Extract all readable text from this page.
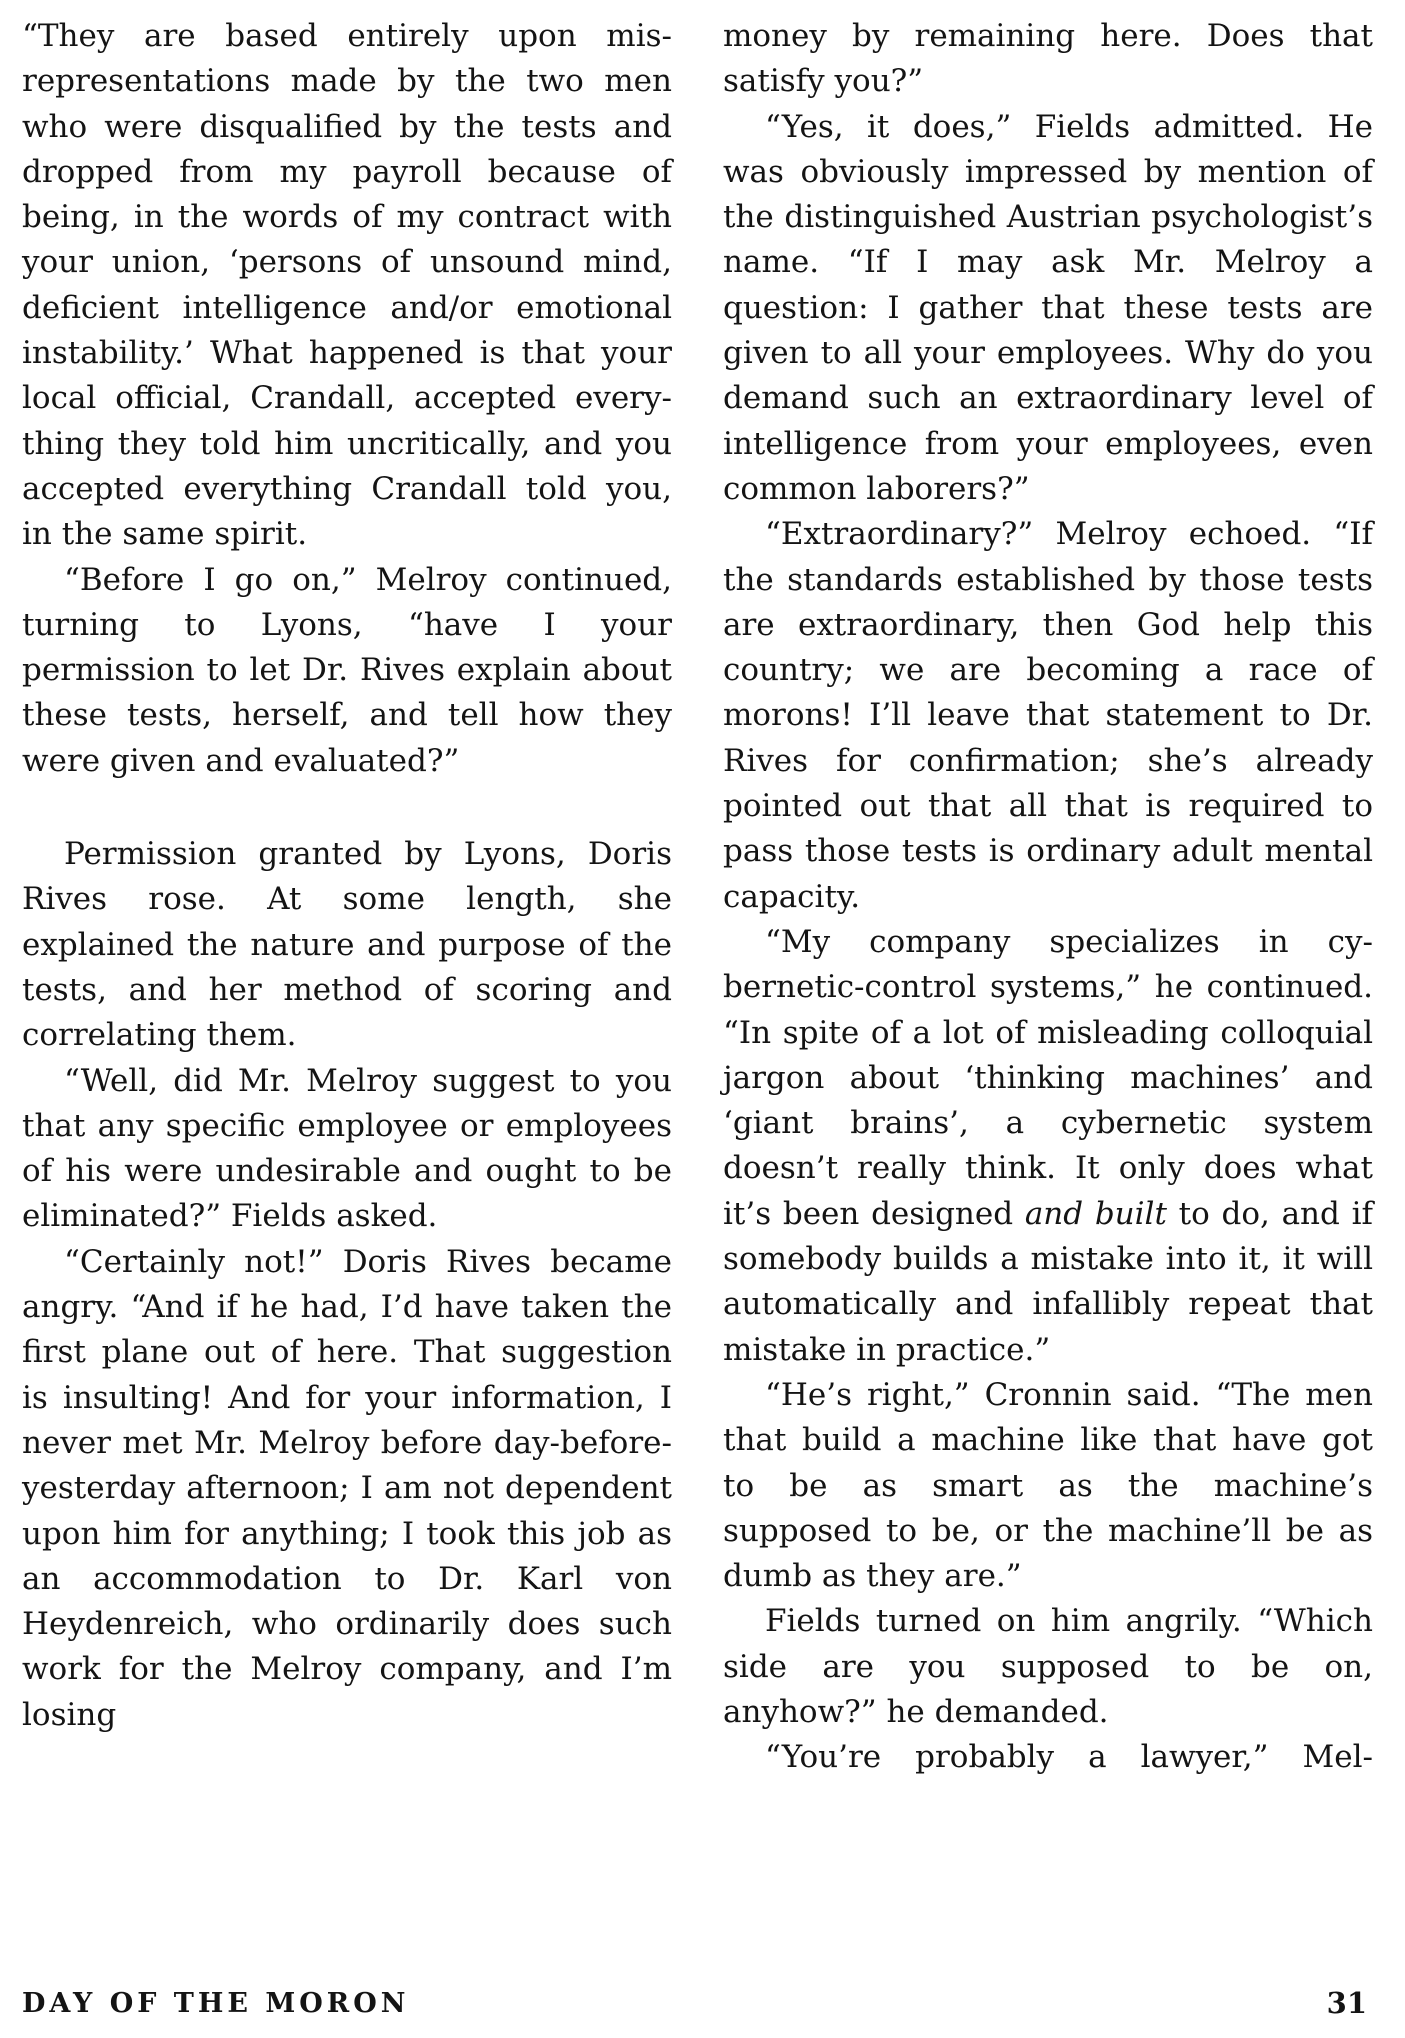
“They are based entirely upon misrepresentations made by the two men who were disqualified by the tests and dropped from my payroll because of being, in the words of my contract with your union, ‘persons of unsound mind, deficient intelligence and/or emotional instability.’ What happened is that your local official, Crandall, accepted everything they told him uncritically, and you accepted everything Crandall told you, in the same spirit.

“Before I go on,” Melroy continued, turning to Lyons, “have I your permission to let Dr. Rives explain about these tests, herself, and tell how they were given and evaluated?”

Permission granted by Lyons, Doris Rives rose. At some length, she explained the nature and purpose of the tests, and her method of scoring and correlating them.

“Well, did Mr. Melroy suggest to you that any specific employee or employees of his were undesirable and ought to be eliminated?” Fields asked.

“Certainly not!” Doris Rives became angry. “And if he had, I’d have taken the first plane out of here. That suggestion is insulting! And for your information, I never met Mr. Melroy before day-before-yesterday afternoon; I am not dependent upon him for anything; I took this job as an accommodation to Dr. Karl von Heydenreich, who ordinarily does such work for the Melroy company, and I’m losing

money by remaining here. Does that satisfy you?”

“Yes, it does,” Fields admitted. He was obviously impressed by mention of the distinguished Austrian psychologist’s name. “If I may ask Mr. Melroy a question: I gather that these tests are given to all your employees. Why do you demand such an extraordinary level of intelligence from your employees, even common laborers?”

“Extraordinary?” Melroy echoed. “If the standards established by those tests are extraordinary, then God help this country; we are becoming a race of morons! I’ll leave that statement to Dr. Rives for confirmation; she’s already pointed out that all that is required to pass those tests is ordinary adult mental capacity.

“My company specializes in cybernetic-control systems,” he continued. “In spite of a lot of misleading colloquial jargon about ‘thinking machines’ and ‘giant brains’, a cybernetic system doesn’t really think. It only does what it’s been designed and built to do, and if somebody builds a mistake into it, it will automatically and infallibly repeat that mistake in practice.”

“He’s right,” Cronnin said. “The men that build a machine like that have got to be as smart as the machine’s supposed to be, or the machine’ll be as dumb as they are.”

Fields turned on him angrily. “Which side are you supposed to be on, anyhow?” he demanded.

“You’re probably a lawyer,” Mel-

DAY OF THE MORON	31
